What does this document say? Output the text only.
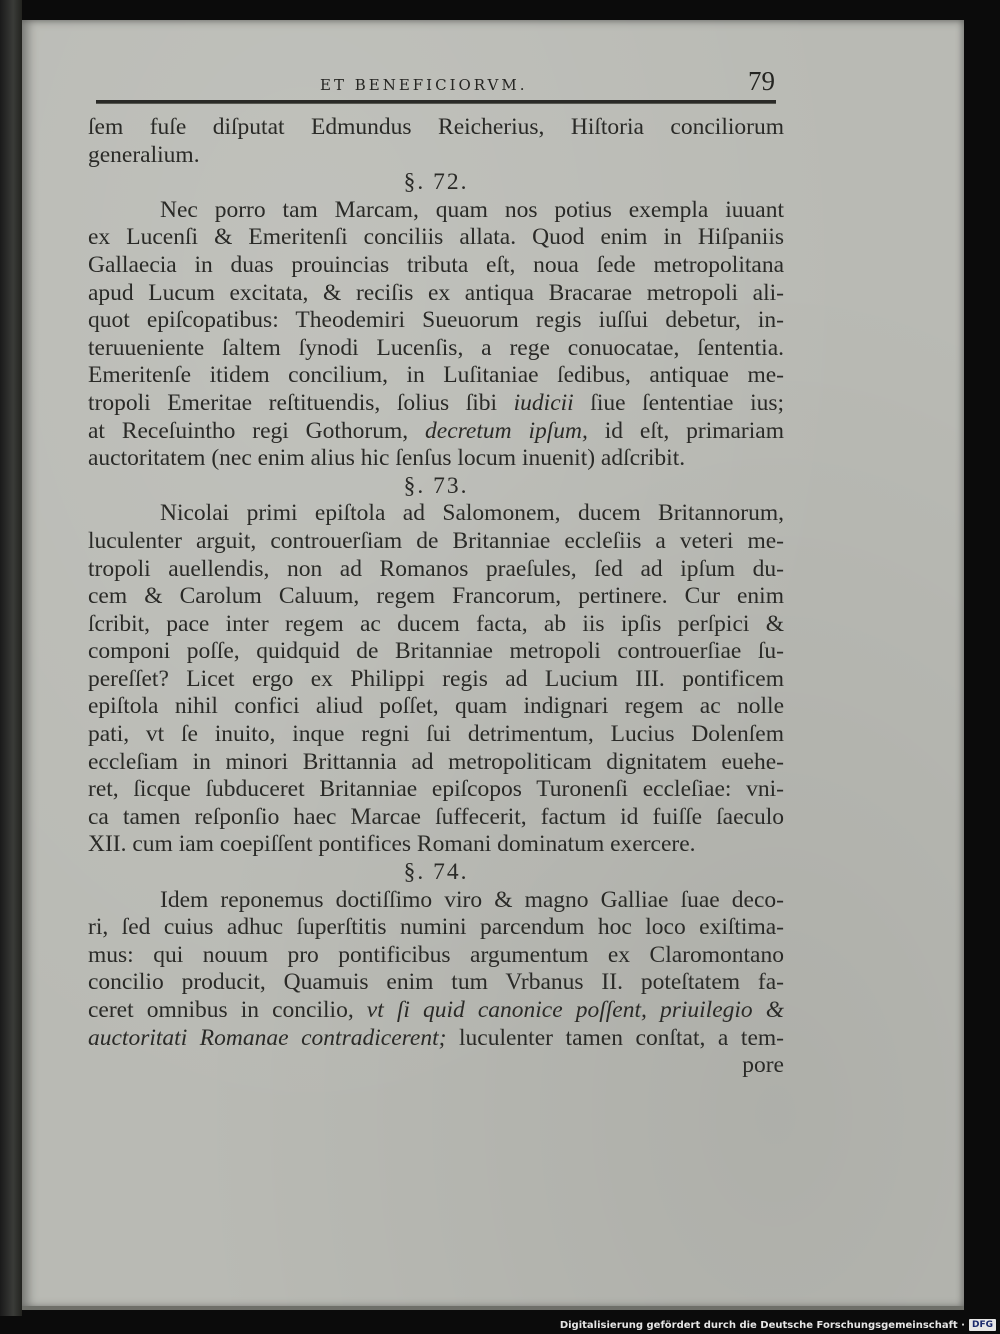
ET BENEFICIORVM.	79
ſem fuſe diſputat Edmundus Reicherius, Hiſtoria conciliorum
generalium.
§. 72.
Nec porro tam Marcam, quam nos potius exempla iuuant
ex Lucenſi & Emeritenſi conciliis allata. Quod enim in Hiſpaniis
Gallaecia in duas prouincias tributa eſt, noua ſede metropolitana
apud Lucum excitata, & reciſis ex antiqua Bracarae metropoli ali-
quot epiſcopatibus: Theodemiri Sueuorum regis iuſſui debetur, in-
teruueniente ſaltem ſynodi Lucenſis, a rege conuocatae, ſententia.
Emeritenſe itidem concilium, in Luſitaniae ſedibus, antiquae me-
tropoli Emeritae reſtituendis, ſolius ſibi iudicii ſiue ſententiae ius;
at Receſuintho regi Gothorum, decretum ipſum, id eſt, primariam
auctoritatem (nec enim alius hic ſenſus locum inuenit) adſcribit.
§. 73.
Nicolai primi epiſtola ad Salomonem, ducem Britannorum,
luculenter arguit, controuerſiam de Britanniae eccleſiis a veteri me-
tropoli auellendis, non ad Romanos praeſules, ſed ad ipſum du-
cem & Carolum Caluum, regem Francorum, pertinere. Cur enim
ſcribit, pace inter regem ac ducem facta, ab iis ipſis perſpici &
componi poſſe, quidquid de Britanniae metropoli controuerſiae ſu-
pereſſet? Licet ergo ex Philippi regis ad Lucium III. pontificem
epiſtola nihil confici aliud poſſet, quam indignari regem ac nolle
pati, vt ſe inuito, inque regni ſui detrimentum, Lucius Dolenſem
eccleſiam in minori Brittannia ad metropoliticam dignitatem euehe-
ret, ſicque ſubduceret Britanniae epiſcopos Turonenſi eccleſiae: vni-
ca tamen reſponſio haec Marcae ſuffecerit, factum id fuiſſe ſaeculo
XII. cum iam coepiſſent pontifices Romani dominatum exercere.
§. 74.
Idem reponemus doctiſſimo viro & magno Galliae ſuae deco-
ri, ſed cuius adhuc ſuperſtitis numini parcendum hoc loco exiſtima-
mus: qui nouum pro pontificibus argumentum ex Claromontano
concilio producit, Quamuis enim tum Vrbanus II. poteſtatem fa-
ceret omnibus in concilio, vt ſi quid canonice poſſent, priuilegio &
auctoritati Romanae contradicerent; luculenter tamen conſtat, a tem-
pore
Digitalisierung gefördert durch die Deutsche Forschungsgemeinschaft · DFG
